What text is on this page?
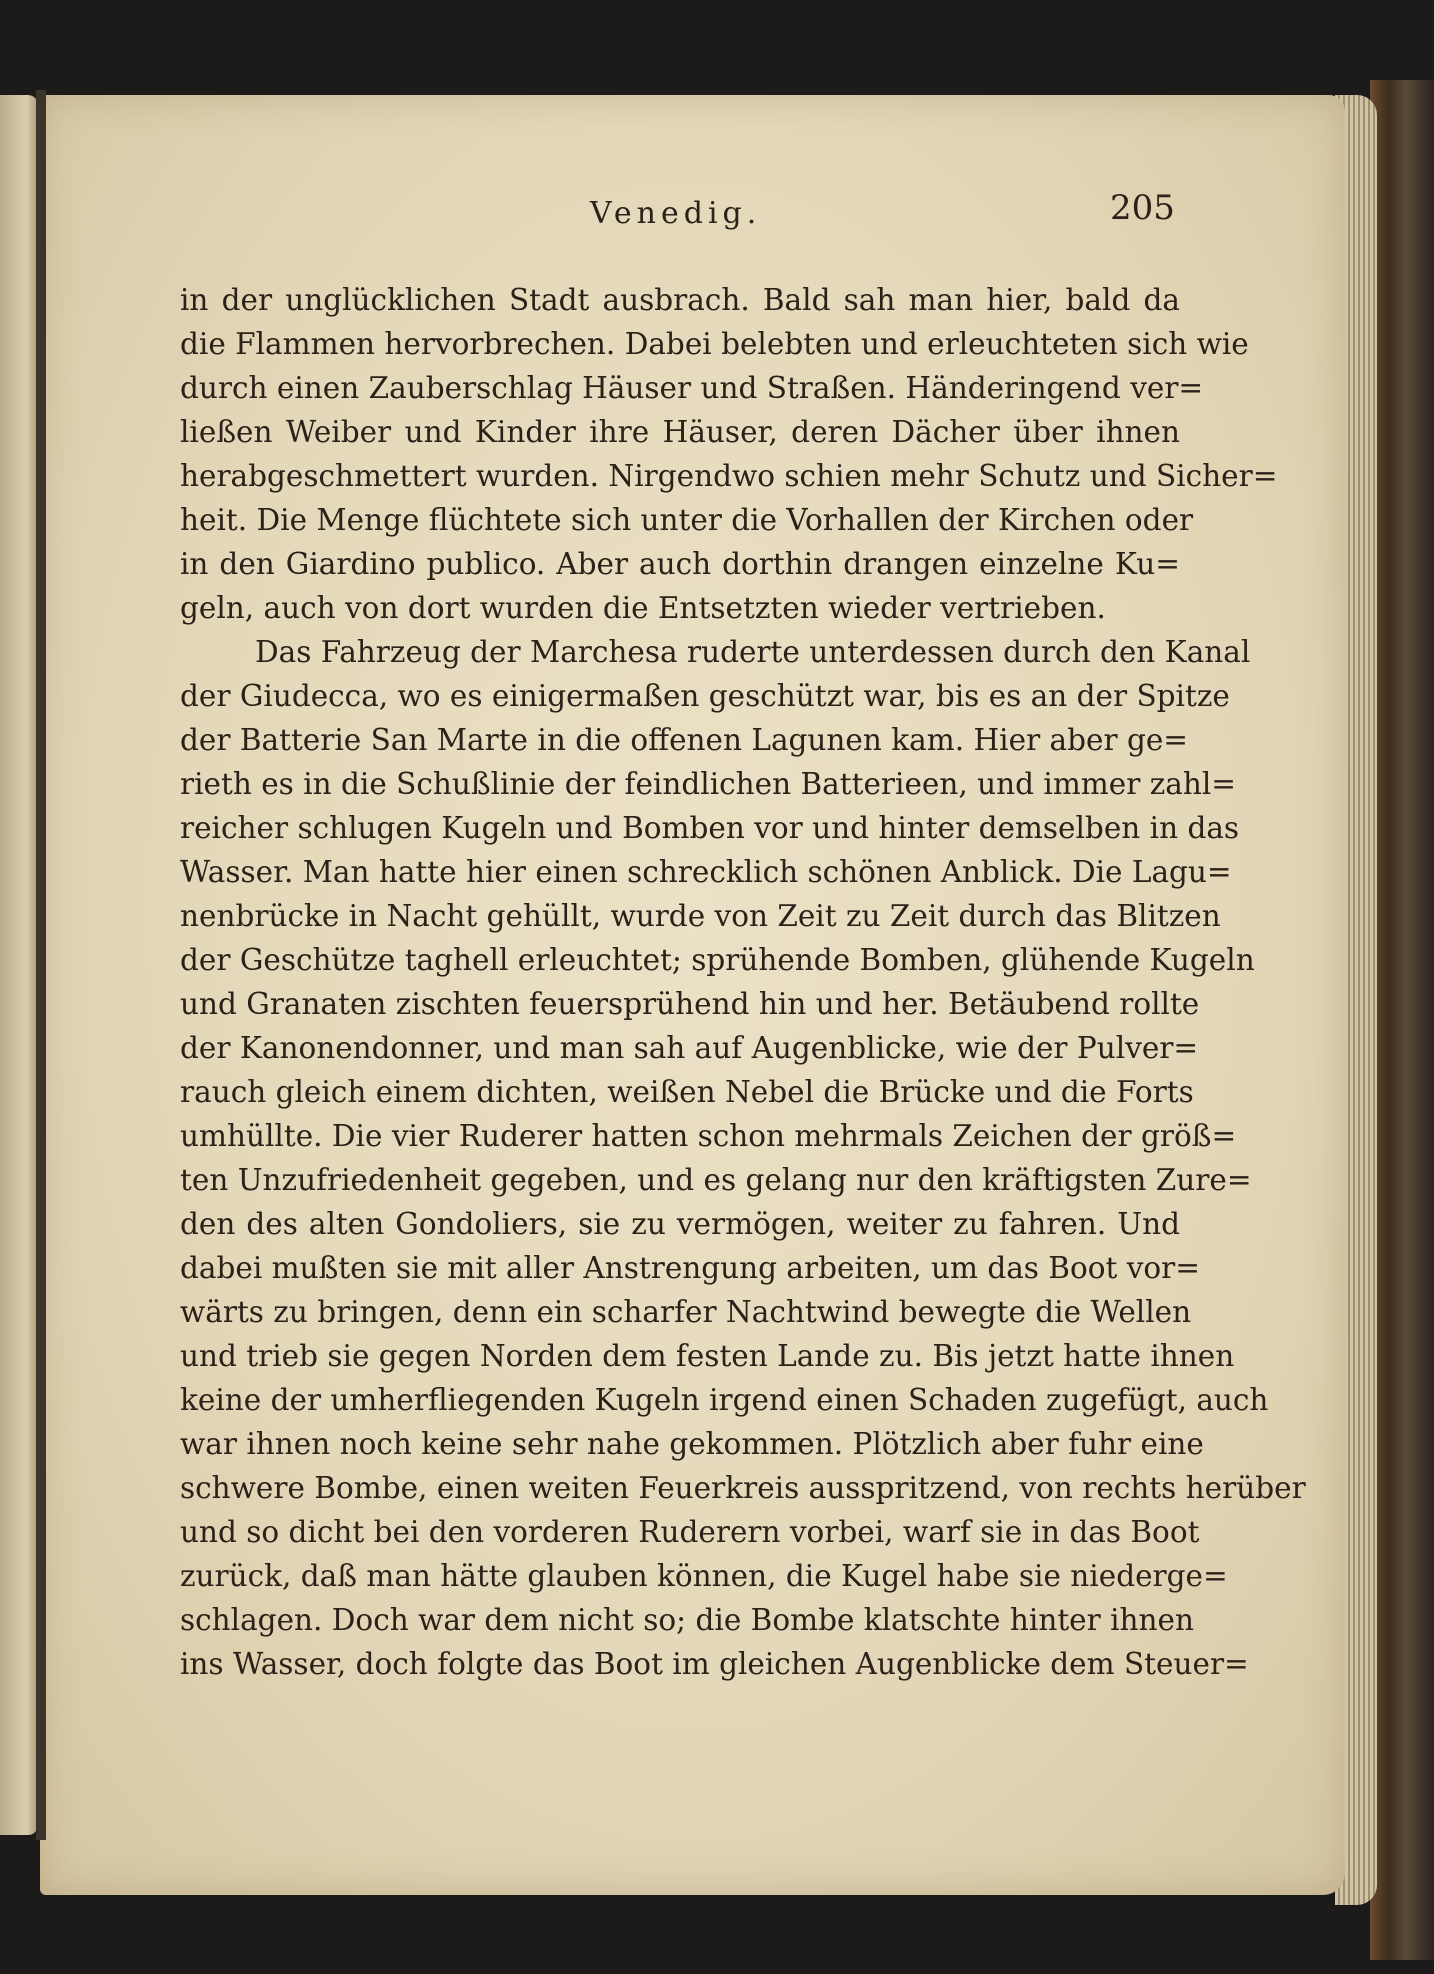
Venedig.	205
in der unglücklichen Stadt ausbrach. Bald sah man hier, bald da
die Flammen hervorbrechen. Dabei belebten und erleuchteten sich wie
durch einen Zauberschlag Häuser und Straßen. Händeringend ver=
ließen Weiber und Kinder ihre Häuser, deren Dächer über ihnen
herabgeschmettert wurden. Nirgendwo schien mehr Schutz und Sicher=
heit. Die Menge flüchtete sich unter die Vorhallen der Kirchen oder
in den Giardino publico. Aber auch dorthin drangen einzelne Ku=
geln, auch von dort wurden die Entsetzten wieder vertrieben.
Das Fahrzeug der Marchesa ruderte unterdessen durch den Kanal
der Giudecca, wo es einigermaßen geschützt war, bis es an der Spitze
der Batterie San Marte in die offenen Lagunen kam. Hier aber ge=
rieth es in die Schußlinie der feindlichen Batterieen, und immer zahl=
reicher schlugen Kugeln und Bomben vor und hinter demselben in das
Wasser. Man hatte hier einen schrecklich schönen Anblick. Die Lagu=
nenbrücke in Nacht gehüllt, wurde von Zeit zu Zeit durch das Blitzen
der Geschütze taghell erleuchtet; sprühende Bomben, glühende Kugeln
und Granaten zischten feuersprühend hin und her. Betäubend rollte
der Kanonendonner, und man sah auf Augenblicke, wie der Pulver=
rauch gleich einem dichten, weißen Nebel die Brücke und die Forts
umhüllte. Die vier Ruderer hatten schon mehrmals Zeichen der größ=
ten Unzufriedenheit gegeben, und es gelang nur den kräftigsten Zure=
den des alten Gondoliers, sie zu vermögen, weiter zu fahren. Und
dabei mußten sie mit aller Anstrengung arbeiten, um das Boot vor=
wärts zu bringen, denn ein scharfer Nachtwind bewegte die Wellen
und trieb sie gegen Norden dem festen Lande zu. Bis jetzt hatte ihnen
keine der umherfliegenden Kugeln irgend einen Schaden zugefügt, auch
war ihnen noch keine sehr nahe gekommen. Plötzlich aber fuhr eine
schwere Bombe, einen weiten Feuerkreis ausspritzend, von rechts herüber
und so dicht bei den vorderen Ruderern vorbei, warf sie in das Boot
zurück, daß man hätte glauben können, die Kugel habe sie niederge=
schlagen. Doch war dem nicht so; die Bombe klatschte hinter ihnen
ins Wasser, doch folgte das Boot im gleichen Augenblicke dem Steuer=
